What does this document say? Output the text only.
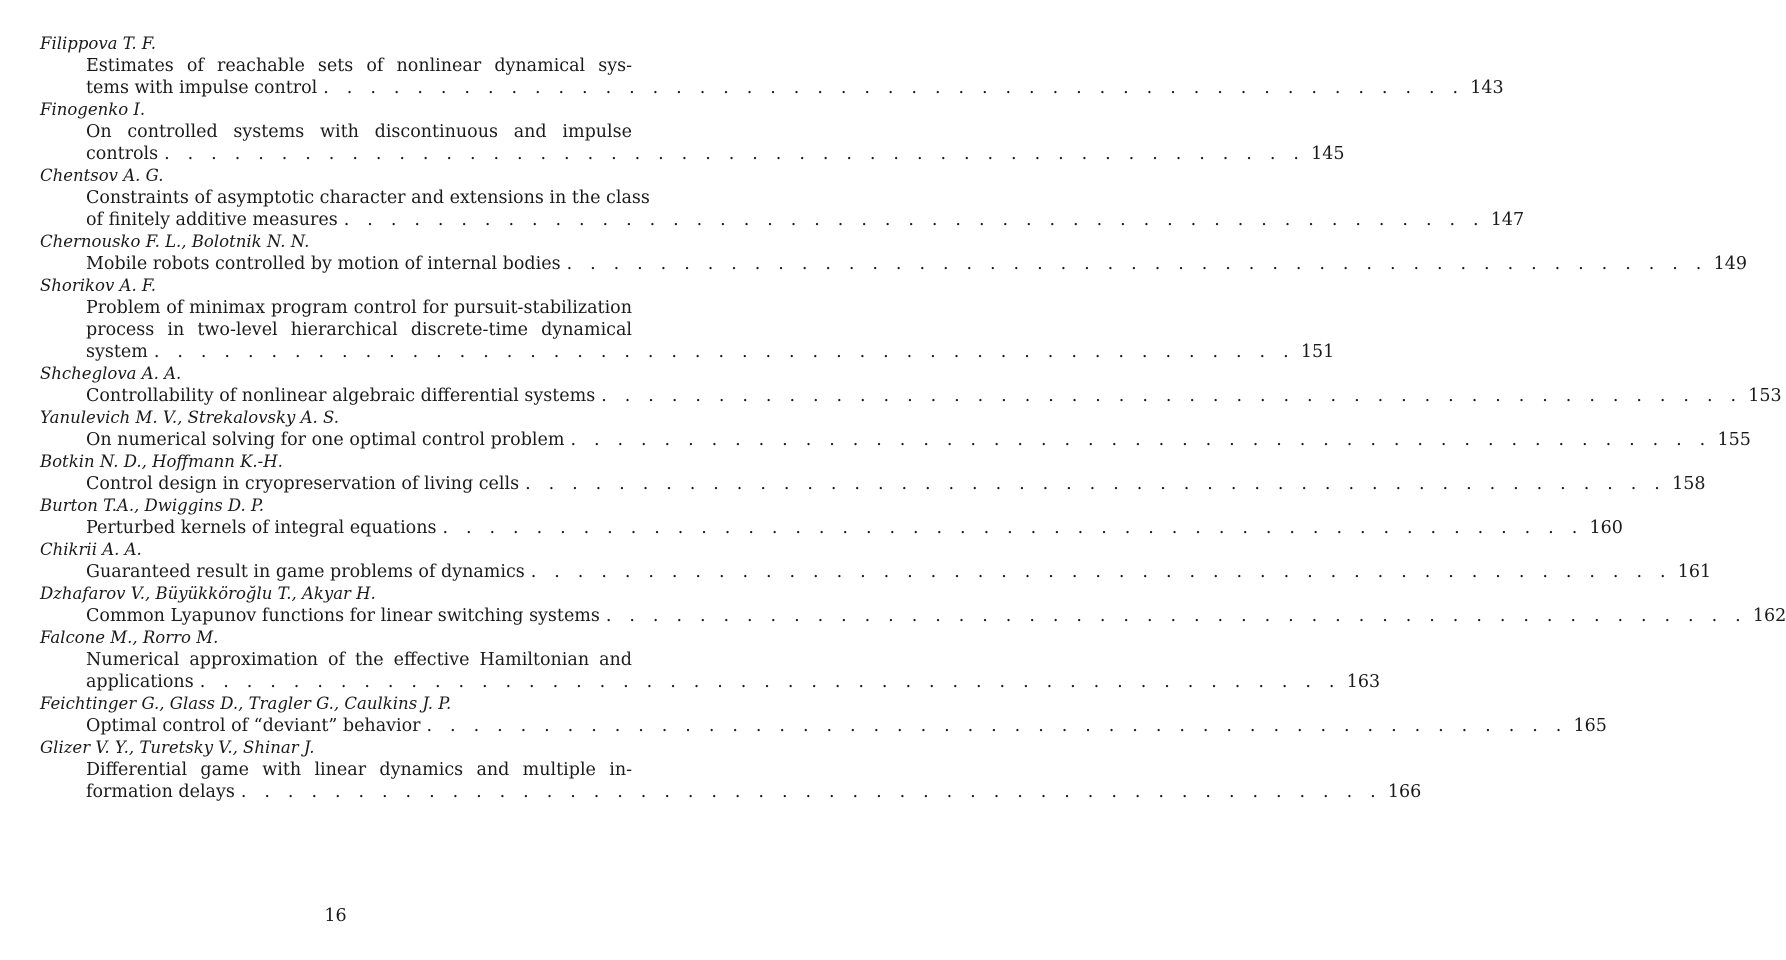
Filippova T. F.
Estimates of reachable sets of nonlinear dynamical sys-
tems with impulse control . . . . . . . . . . . . . . . . . . . . . . . . . . . . . . . . . . . . . . . . . . . . . . . . . 143
Finogenko I.
On controlled systems with discontinuous and impulse
controls . . . . . . . . . . . . . . . . . . . . . . . . . . . . . . . . . . . . . . . . . . . . . . . . . 145
Chentsov A. G.
Constraints of asymptotic character and extensions in the class
of finitely additive measures . . . . . . . . . . . . . . . . . . . . . . . . . . . . . . . . . . . . . . . . . . . . . . . . . 147
Chernousko F. L., Bolotnik N. N.
Mobile robots controlled by motion of internal bodies . . . . . . . . . . . . . . . . . . . . . . . . . . . . . . . . . . . . . . . . . . . . . . . . . 149
Shorikov A. F.
Problem of minimax program control for pursuit-stabilization
process in two-level hierarchical discrete-time dynamical
system . . . . . . . . . . . . . . . . . . . . . . . . . . . . . . . . . . . . . . . . . . . . . . . . . 151
Shcheglova A. A.
Controllability of nonlinear algebraic differential systems . . . . . . . . . . . . . . . . . . . . . . . . . . . . . . . . . . . . . . . . . . . . . . . . . 153
Yanulevich M. V., Strekalovsky A. S.
On numerical solving for one optimal control problem . . . . . . . . . . . . . . . . . . . . . . . . . . . . . . . . . . . . . . . . . . . . . . . . . 155
Botkin N. D., Hoffmann K.-H.
Control design in cryopreservation of living cells . . . . . . . . . . . . . . . . . . . . . . . . . . . . . . . . . . . . . . . . . . . . . . . . . 158
Burton T.A., Dwiggins D. P.
Perturbed kernels of integral equations . . . . . . . . . . . . . . . . . . . . . . . . . . . . . . . . . . . . . . . . . . . . . . . . . 160
Chikrii A. A.
Guaranteed result in game problems of dynamics . . . . . . . . . . . . . . . . . . . . . . . . . . . . . . . . . . . . . . . . . . . . . . . . . 161
Dzhafarov V., Büyükköroğlu T., Akyar H.
Common Lyapunov functions for linear switching systems . . . . . . . . . . . . . . . . . . . . . . . . . . . . . . . . . . . . . . . . . . . . . . . . . 162
Falcone M., Rorro M.
Numerical approximation of the effective Hamiltonian and
applications . . . . . . . . . . . . . . . . . . . . . . . . . . . . . . . . . . . . . . . . . . . . . . . . . 163
Feichtinger G., Glass D., Tragler G., Caulkins J. P.
Optimal control of “deviant” behavior . . . . . . . . . . . . . . . . . . . . . . . . . . . . . . . . . . . . . . . . . . . . . . . . . 165
Glizer V. Y., Turetsky V., Shinar J.
Differential game with linear dynamics and multiple in-
formation delays . . . . . . . . . . . . . . . . . . . . . . . . . . . . . . . . . . . . . . . . . . . . . . . . . 166
16
